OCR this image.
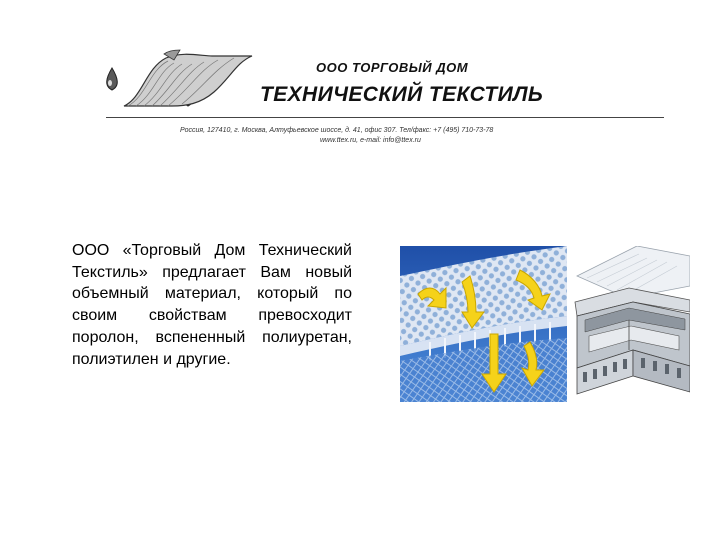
ООО ТОРГОВЫЙ ДОМ
ТЕХНИЧЕСКИЙ ТЕКСТИЛЬ
Россия, 127410, г. Москва, Алтуфьевское шоссе, д. 41, офис 307. Тел/факс: +7 (495) 710-73-78
www.ttex.ru, e-mail: info@ttex.ru
ООО «Торговый Дом Технический Текстиль» предлагает Вам новый объемный материал, который по своим свойствам превосходит поролон, вспененный полиуретан, полиэтилен и другие.
